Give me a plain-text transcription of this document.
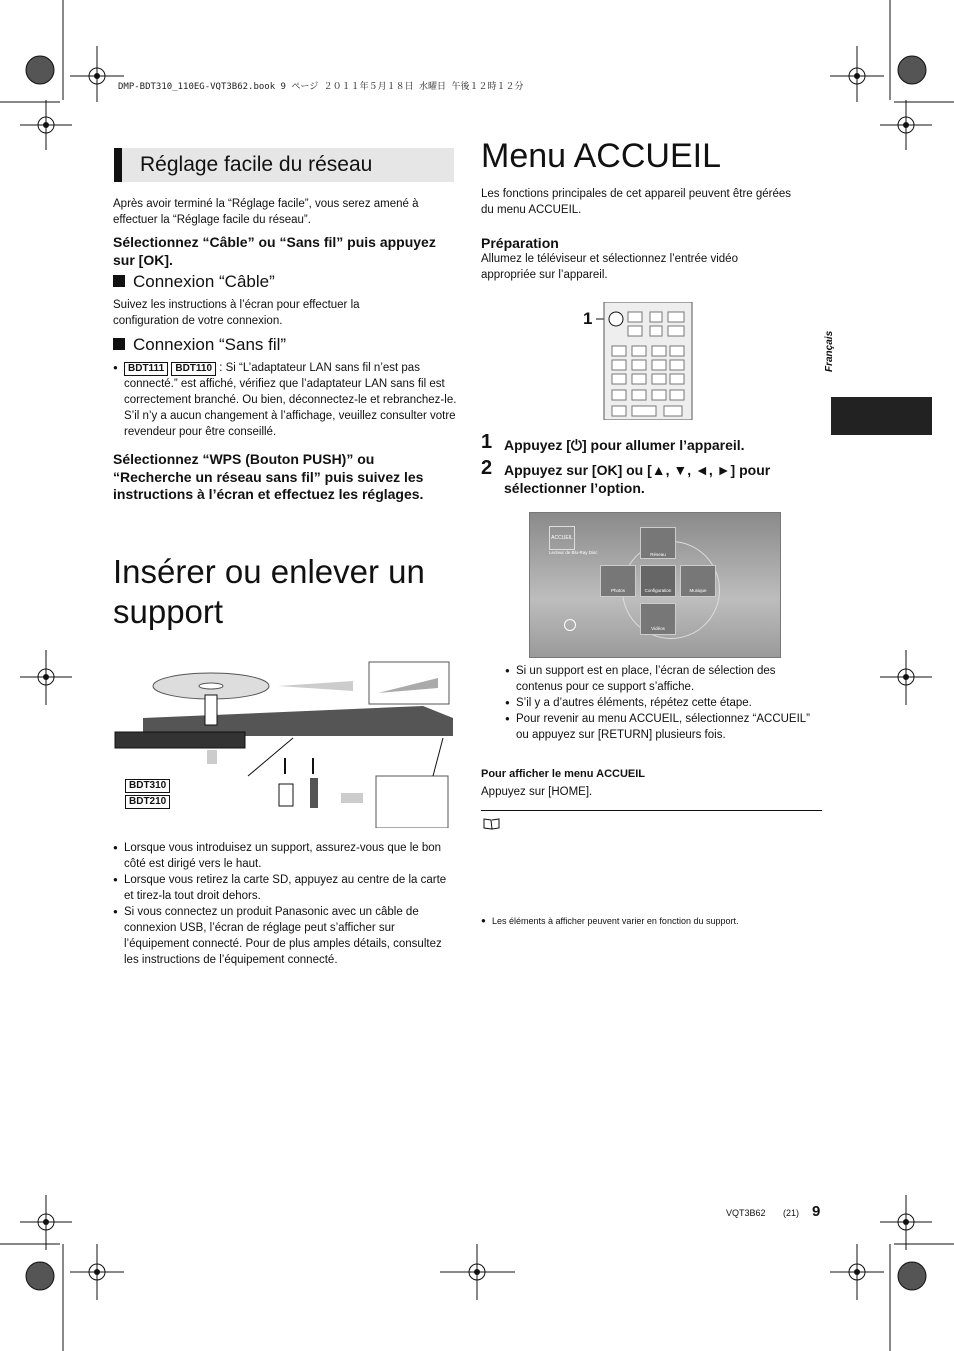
DMP-BDT310_110EG-VQT3B62.book 9 ページ ２０１１年５月１８日 水曜日 午後１２時１２分
Réglage facile du réseau
Après avoir terminé la “Réglage facile”, vous serez amené à effectuer la “Réglage facile du réseau”.
Sélectionnez “Câble” ou “Sans fil” puis appuyez sur [OK].
Connexion “Câble”
Suivez les instructions à l’écran pour effectuer la configuration de votre connexion.
Connexion “Sans fil”
● BDT111 BDT110 : Si “L’adaptateur LAN sans fil n’est pas connecté.” est affiché, vérifiez que l’adaptateur LAN sans fil est correctement branché. Ou bien, déconnectez-le et rebranchez-le. S’il n’y a aucun changement à l’affichage, veuillez consulter votre revendeur pour être conseillé.
Sélectionnez “WPS (Bouton PUSH)” ou “Recherche un réseau sans fil” puis suivez les instructions à l’écran et effectuez les réglages.
Insérer ou enlever un support
BDT310
BDT210
● Lorsque vous introduisez un support, assurez-vous que le bon côté est dirigé vers le haut.
● Lorsque vous retirez la carte SD, appuyez au centre de la carte et tirez-la tout droit dehors.
● Si vous connectez un produit Panasonic avec un câble de connexion USB, l’écran de réglage peut s’afficher sur l’équipement connecté. Pour de plus amples détails, consultez les instructions de l’équipement connecté.
Menu ACCUEIL
Les fonctions principales de cet appareil peuvent être gérées du menu ACCUEIL.
Préparation
Allumez le téléviseur et sélectionnez l’entrée vidéo appropriée sur l’appareil.
1
1 Appuyez [⏻] pour allumer l’appareil.
2 Appuyez sur [OK] ou [▲, ▼, ◄, ►] pour sélectionner l’option.
ACCUEIL
Lecteur de Blu-Ray Disc	Réseau
Photos	Configuration	Musique
Vidéos
● Si un support est en place, l’écran de sélection des contenus pour ce support s’affiche.
● S’il y a d’autres éléments, répétez cette étape.
● Pour revenir au menu ACCUEIL, sélectionnez “ACCUEIL” ou appuyez sur [RETURN] plusieurs fois.
Pour afficher le menu ACCUEIL
Appuyez sur [HOME].
● Les éléments à afficher peuvent varier en fonction du support.
Français
VQT3B62 (21) 9
